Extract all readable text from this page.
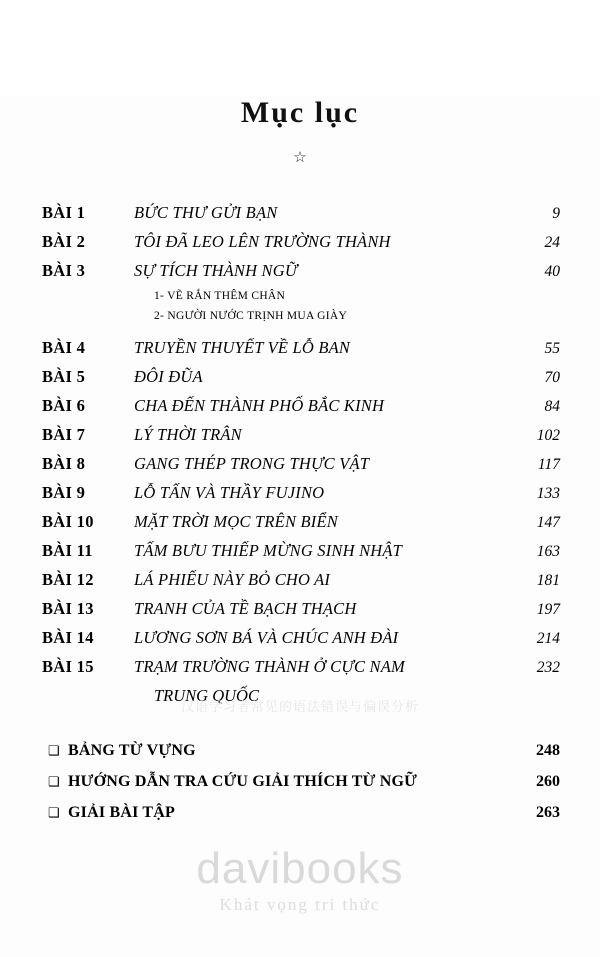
Mục lục
☆
BÀI 1	BỨC THƯ GỬI BẠN	9
BÀI 2	TÔI ĐÃ LEO LÊN TRƯỜNG THÀNH	24
BÀI 3	SỰ TÍCH THÀNH NGỮ	40
1- VẼ RẮN THÊM CHÂN
2- NGƯỜI NƯỚC TRỊNH MUA GIÀY
BÀI 4	TRUYỀN THUYẾT VỀ LỖ BAN	55
BÀI 5	ĐÔI ĐŨA	70
BÀI 6	CHA ĐẾN THÀNH PHỐ BẮC KINH	84
BÀI 7	LÝ THỜI TRÂN	102
BÀI 8	GANG THÉP TRONG THỰC VẬT	117
BÀI 9	LỖ TẤN VÀ THẦY FUJINO	133
BÀI 10	MẶT TRỜI MỌC TRÊN BIỂN	147
BÀI 11	TẤM BƯU THIẾP MỪNG SINH NHẬT	163
BÀI 12	LÁ PHIẾU NÀY BỎ CHO AI	181
BÀI 13	TRANH CỦA TỀ BẠCH THẠCH	197
BÀI 14	LƯƠNG SƠN BÁ VÀ CHÚC ANH ĐÀI	214
BÀI 15	TRẠM TRƯỜNG THÀNH Ở CỰC NAM	232
TRUNG QUỐC
❑ BẢNG TỪ VỰNG	248
❑ HƯỚNG DẪN TRA CỨU GIẢI THÍCH TỪ NGỮ	260
❑ GIẢI BÀI TẬP	263
汉语学习者常见的语法错误与偏误分析
davibooks
Khát vọng tri thức
